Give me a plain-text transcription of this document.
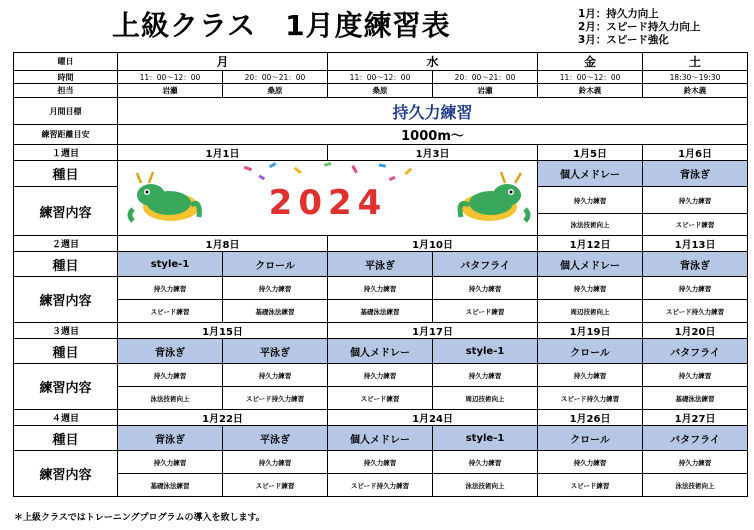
上級クラス　1月度練習表	1月：持久力向上
2月：スピード持久力向上
3月：スピード強化
曜日	月		水		金	土
時間	11：00～12：00	20：00～21：00	11：00～12：00	20：00～21：00	11：00～12：00	18:30～19:30
担当	岩瀬	桑原	桑原	岩瀬	鈴木義	鈴木義
月間目標	持久力練習					
練習距離目安	1000m～					
１週目	1月1日		1月3日		1月5日	1月6日
種目	2024				個人メドレー	背泳ぎ
練習内容					持久力練習	持久力練習
					泳法技術向上	スピード練習
２週目	1月8日		1月10日		1月12日	1月13日
種目	style-1	クロール	平泳ぎ	バタフライ	個人メドレー	背泳ぎ
練習内容	持久力練習	持久力練習	持久力練習	持久力練習	持久力練習	持久力練習
	スピード練習	基礎泳法練習	基礎泳法練習	スピード練習	周辺技術向上	スピード持久力練習
３週目	1月15日		1月17日		1月19日	1月20日
種目	背泳ぎ	平泳ぎ	個人メドレー	style-1	クロール	バタフライ
練習内容	持久力練習	持久力練習	持久力練習	持久力練習	持久力練習	持久力練習
	泳法技術向上	スピード持久力練習	スピード練習	周辺技術向上	スピード持久力練習	基礎泳法練習
４週目	1月22日		1月24日		1月26日	1月27日
種目	背泳ぎ	平泳ぎ	個人メドレー	style-1	クロール	バタフライ
練習内容	持久力練習	持久力練習	持久力練習	持久力練習	持久力練習	持久力練習
	基礎泳法練習	スピード練習	スピード持久力練習	泳法技術向上	スピード練習	泳法技術向上
＊上級クラスではトレーニングプログラムの導入を致します。
